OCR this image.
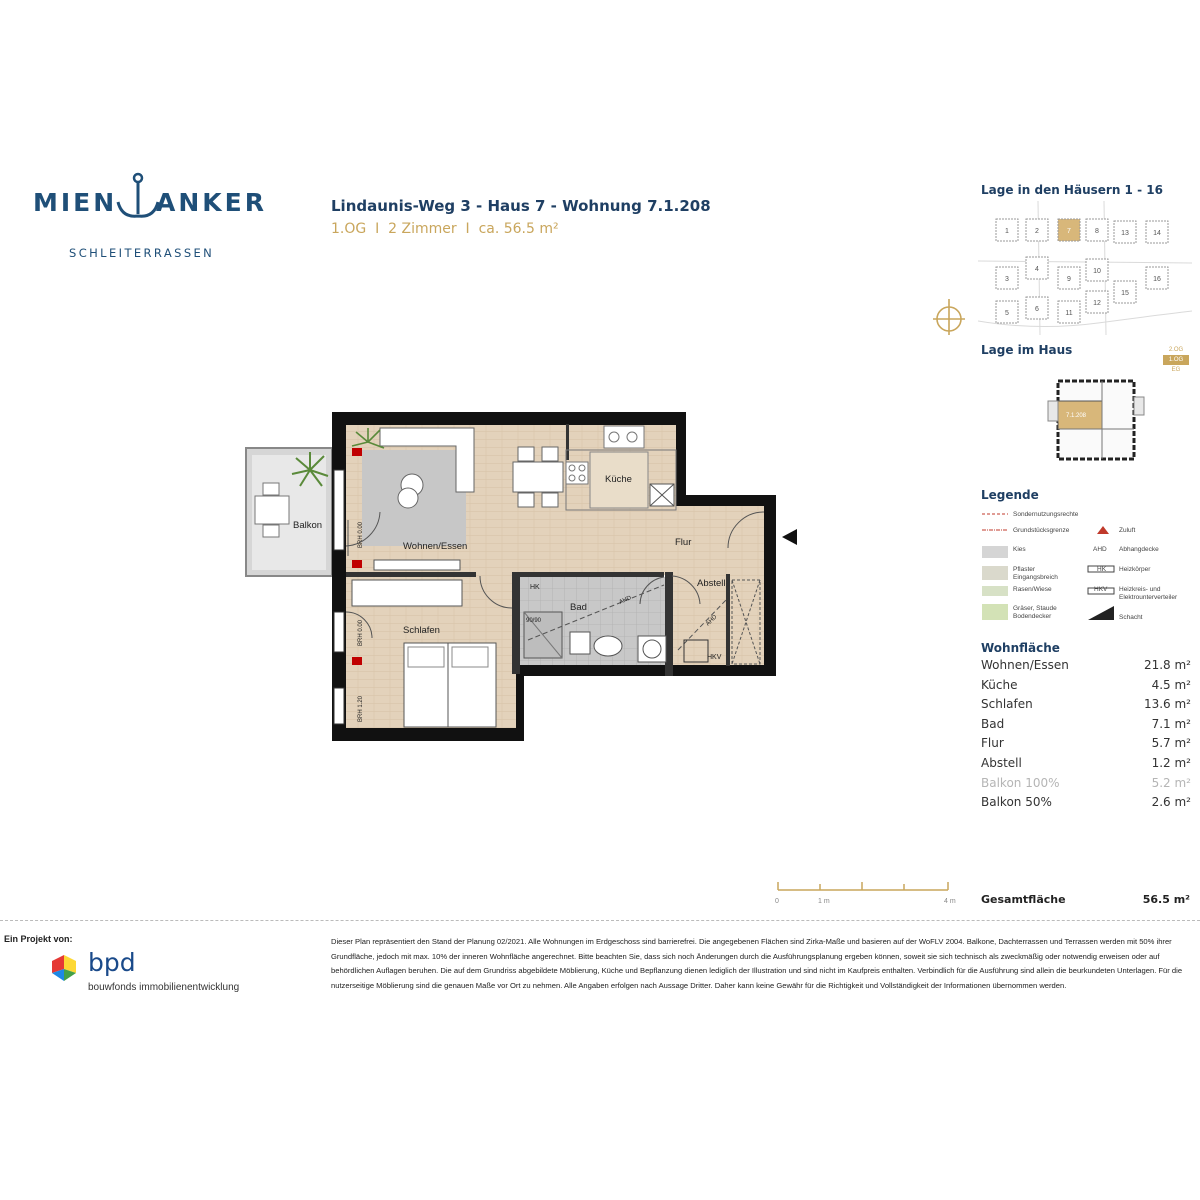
MIEN ANKER
SCHLEITERRASSEN
Lindaunis-Weg 3 - Haus 7 - Wohnung 7.1.208
1.OG  I  2 Zimmer  I  ca. 56.5 m²
Balkon
Wohnen/Essen
Küche
Flur
Abstell
Bad
Schlafen
HK
HKV
90/90
AHD
AHD
BRH 0.00
BRH 0.00
BRH 1.20
Lage in den Häusern 1 - 16
1	2	7	8	13	14
3
4
9
10
15
16
5
6
11
12
Lage im Haus	2.OG
1.OG
EG
7.1.208
Legende
Sondernutzungsrechte
Grundstücksgrenze	Zuluft
Kies	AHD Abhangdecke
Pflaster Eingangsbreich
HK Heizkörper
Rasen/Wiese	HKV Heizkreis- und Elektrounterverteiler
Gräser, Staude Bodendecker	Schacht
Wohnfläche
Wohnen/Essen	21.8 m²
Küche	4.5 m²
Schlafen	13.6 m²
Bad	7.1 m²
Flur	5.7 m²
Abstell	1.2 m²
Balkon 100%	5.2 m²
Balkon 50%	2.6 m²
0	1 m	4 m Gesamtfläche	56.5 m²
Ein Projekt von:
bpd
bouwfonds immobilienentwicklung
Dieser Plan repräsentiert den Stand der Planung 02/2021. Alle Wohnungen im Erdgeschoss sind barrierefrei. Die angegebenen Flächen sind Zirka-Maße und basieren auf der WoFLV 2004. Balkone, Dachterrassen und Terrassen werden mit 50% ihrer Grundfläche, jedoch mit max. 10% der inneren Wohnfläche angerechnet. Bitte beachten Sie, dass sich noch Änderungen durch die Ausführungsplanung ergeben können, soweit sie sich technisch als zweckmäßig oder notwendig erweisen oder auf behördlichen Auflagen beruhen. Die auf dem Grundriss abgebildete Möblierung, Küche und Bepflanzung dienen lediglich der Illustration und sind nicht im Kaufpreis enthalten. Verbindlich für die Ausführung sind allein die beurkundeten Unterlagen. Für die nutzerseitige Möblierung sind die genauen Maße vor Ort zu nehmen. Alle Angaben erfolgen nach Aussage Dritter. Daher kann keine Gewähr für die Richtigkeit und Vollständigkeit der Informationen übernommen werden.
